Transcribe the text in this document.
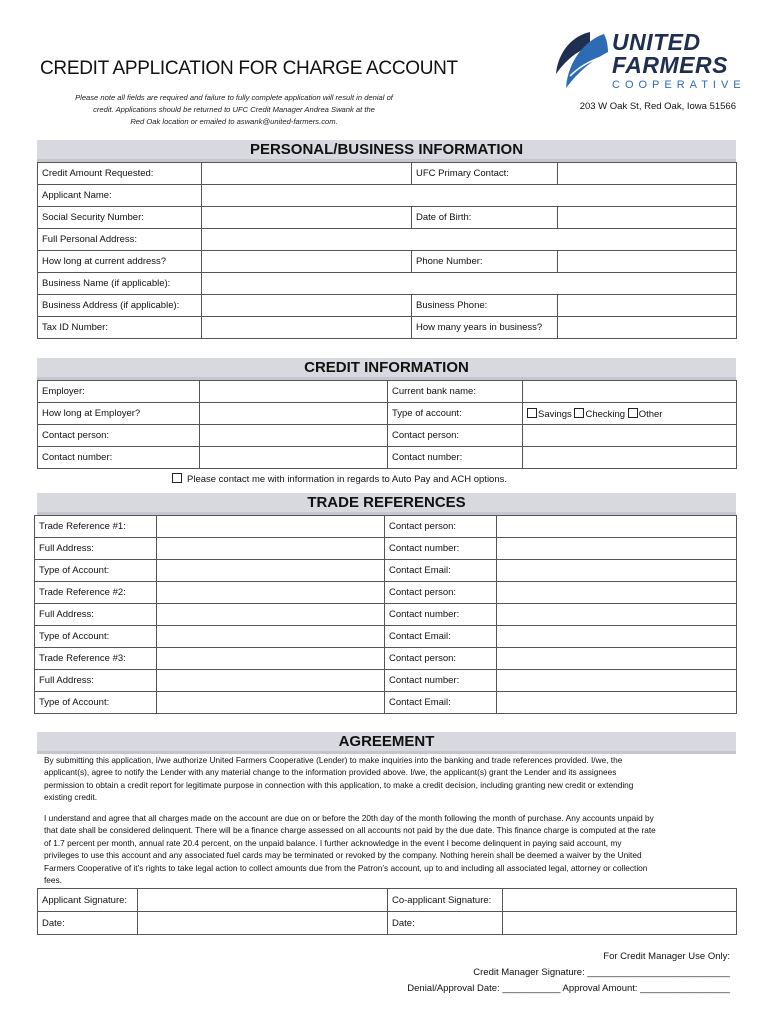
CREDIT APPLICATION FOR CHARGE ACCOUNT
Please note all fields are required and failure to fully complete application will result in denial of
credit. Applications should be returned to UFC Credit Manager Andrea Swank at the
Red Oak location or emailed to aswank@united-farmers.com.
UNITED
FARMERS
COOPERATIVE
203 W Oak St, Red Oak, Iowa 51566
PERSONAL/BUSINESS INFORMATION
Credit Amount Requested:		UFC Primary Contact:	
Applicant Name:			
Social Security Number:		Date of Birth:	
Full Personal Address:			
How long at current address?		Phone Number:	
Business Name (if applicable):			
Business Address (if applicable):		Business Phone:	
Tax ID Number:		How many years in business?	
CREDIT INFORMATION
Employer:		Current bank name:	
How long at Employer?		Type of account:	Savings Checking Other
Contact person:		Contact person:	
Contact number:		Contact number:	
Please contact me with information in regards to Auto Pay and ACH options.
TRADE REFERENCES
Trade Reference #1:		Contact person:	
Full Address:		Contact number:	
Type of Account:		Contact Email:	
Trade Reference #2:		Contact person:	
Full Address:		Contact number:	
Type of Account:		Contact Email:	
Trade Reference #3:		Contact person:	
Full Address:		Contact number:	
Type of Account:		Contact Email:	
AGREEMENT
By submitting this application, I/we authorize United Farmers Cooperative (Lender) to make inquiries into the banking and trade references provided. I/we, the
applicant(s), agree to notify the Lender with any material change to the information provided above. I/we, the applicant(s) grant the Lender and its assignees
permission to obtain a credit report for legitimate purpose in connection with this application, to make a credit decision, including granting new credit or extending
existing credit.
I understand and agree that all charges made on the account are due on or before the 20th day of the month following the month of purchase. Any accounts unpaid by
that date shall be considered delinquent. There will be a finance charge assessed on all accounts not paid by the due date. This finance charge is computed at the rate
of 1.7 percent per month, annual rate 20.4 percent, on the unpaid balance. I further acknowledge in the event I become delinquent in paying said account, my
privileges to use this account and any associated fuel cards may be terminated or revoked by the company. Nothing herein shall be deemed a waiver by the United
Farmers Cooperative of it’s rights to take legal action to collect amounts due from the Patron’s account, up to and including all associated legal, attorney or collection
fees.
Applicant Signature:		Co-applicant Signature:	
Date:		Date:	
For Credit Manager Use Only:
Credit Manager Signature: ___________________________
Denial/Approval Date: ___________ Approval Amount: _________________
